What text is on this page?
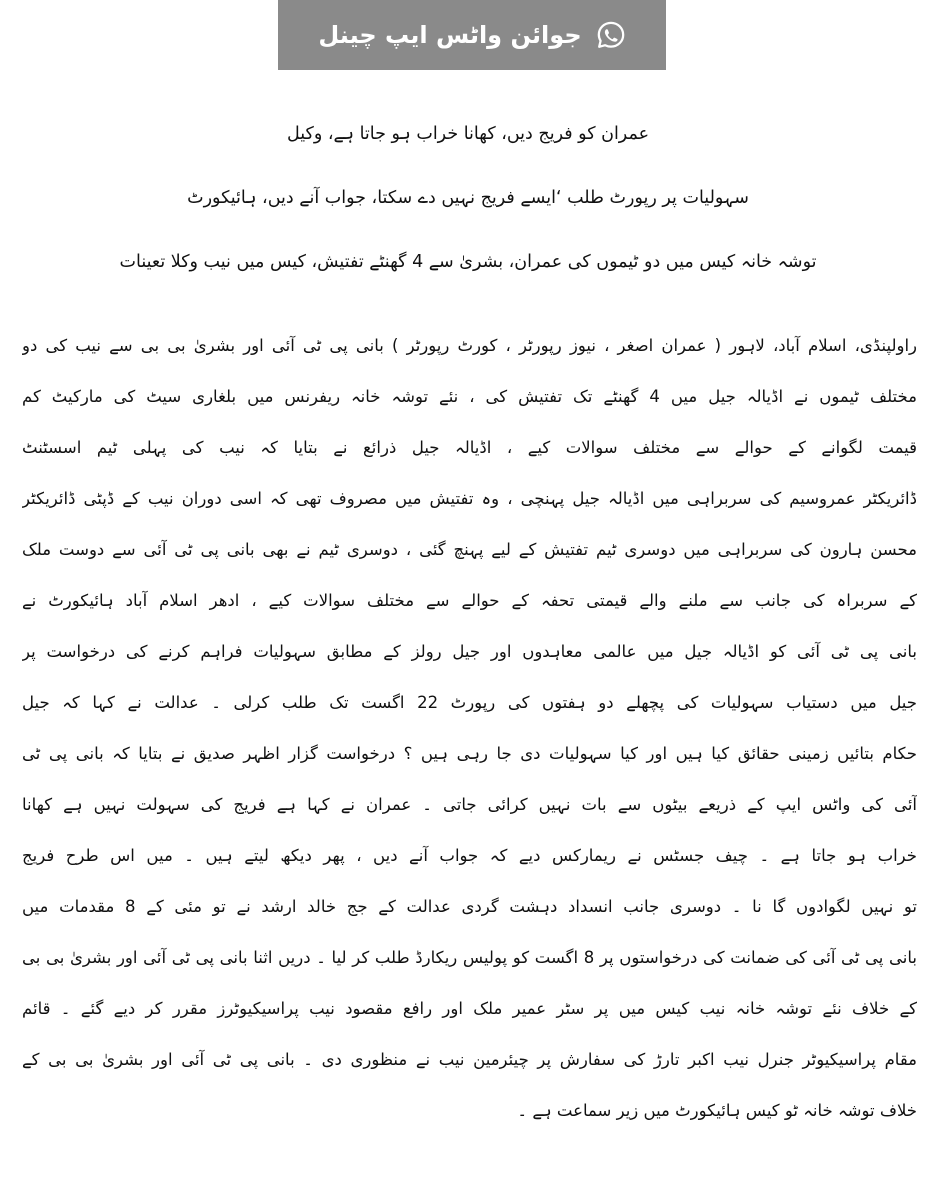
جوائن واٹس ایپ چینل
عمران کو فریج دیں، کھانا خراب ہو جاتا ہے، وکیل
سہولیات پر رپورٹ طلب ‘ایسے فریج نہیں دے سکتا، جواب آنے دیں، ہائیکورٹ
توشہ خانہ کیس میں دو ٹیموں کی عمران، بشریٰ سے 4 گھنٹے تفتیش، کیس میں نیب وکلا تعینات
راولپنڈی، اسلام آباد، لاہور ( عمران اصغر ، نیوز رپورٹر ، کورٹ رپورٹر ) بانی پی ٹی آئی اور بشریٰ بی بی سے نیب کی دو
مختلف ٹیموں نے اڈیالہ جیل میں 4 گھنٹے تک تفتیش کی ، نئے توشہ خانہ ریفرنس میں بلغاری سیٹ کی مارکیٹ کم
قیمت لگوانے کے حوالے سے مختلف سوالات کیے ، اڈیالہ جیل ذرائع نے بتایا کہ نیب کی پہلی ٹیم اسسٹنٹ
ڈائریکٹر عمروسیم کی سربراہی میں اڈیالہ جیل پہنچی ، وہ تفتیش میں مصروف تھی کہ اسی دوران نیب کے ڈپٹی ڈائریکٹر
محسن ہارون کی سربراہی میں دوسری ٹیم تفتیش کے لیے پہنچ گئی ، دوسری ٹیم نے بھی بانی پی ٹی آئی سے دوست ملک
کے سربراہ کی جانب سے ملنے والے قیمتی تحفہ کے حوالے سے مختلف سوالات کیے ، ادھر اسلام آباد ہائیکورٹ نے
بانی پی ٹی آئی کو اڈیالہ جیل میں عالمی معاہدوں اور جیل رولز کے مطابق سہولیات فراہم کرنے کی درخواست پر
جیل میں دستیاب سہولیات کی پچھلے دو ہفتوں کی رپورٹ 22 اگست تک طلب کرلی ۔ عدالت نے کہا کہ جیل
حکام بتائیں زمینی حقائق کیا ہیں اور کیا سہولیات دی جا رہی ہیں ؟ درخواست گزار اظہر صدیق نے بتایا کہ بانی پی ٹی
آئی کی واٹس ایپ کے ذریعے بیٹوں سے بات نہیں کرائی جاتی ۔ عمران نے کہا ہے فریج کی سہولت نہیں ہے کھانا
خراب ہو جاتا ہے ۔ چیف جسٹس نے ریمارکس دیے کہ جواب آنے دیں ، پھر دیکھ لیتے ہیں ۔ میں اس طرح فریج
تو نہیں لگوادوں گا نا ۔ دوسری جانب انسداد دہشت گردی عدالت کے جج خالد ارشد نے تو مئی کے 8 مقدمات میں
بانی پی ٹی آئی کی ضمانت کی درخواستوں پر 8 اگست کو پولیس ریکارڈ طلب کر لیا ۔ دریں اثنا بانی پی ٹی آئی اور بشریٰ بی بی
کے خلاف نئے توشہ خانہ نیب کیس میں پر سٹر عمیر ملک اور رافع مقصود نیب پراسیکیوٹرز مقرر کر دیے گئے ۔ قائم
مقام پراسیکیوٹر جنرل نیب اکبر تارڑ کی سفارش پر چیئرمین نیب نے منظوری دی ۔ بانی پی ٹی آئی اور بشریٰ بی بی کے
خلاف توشہ خانہ ٹو کیس ہائیکورٹ میں زیر سماعت ہے ۔
